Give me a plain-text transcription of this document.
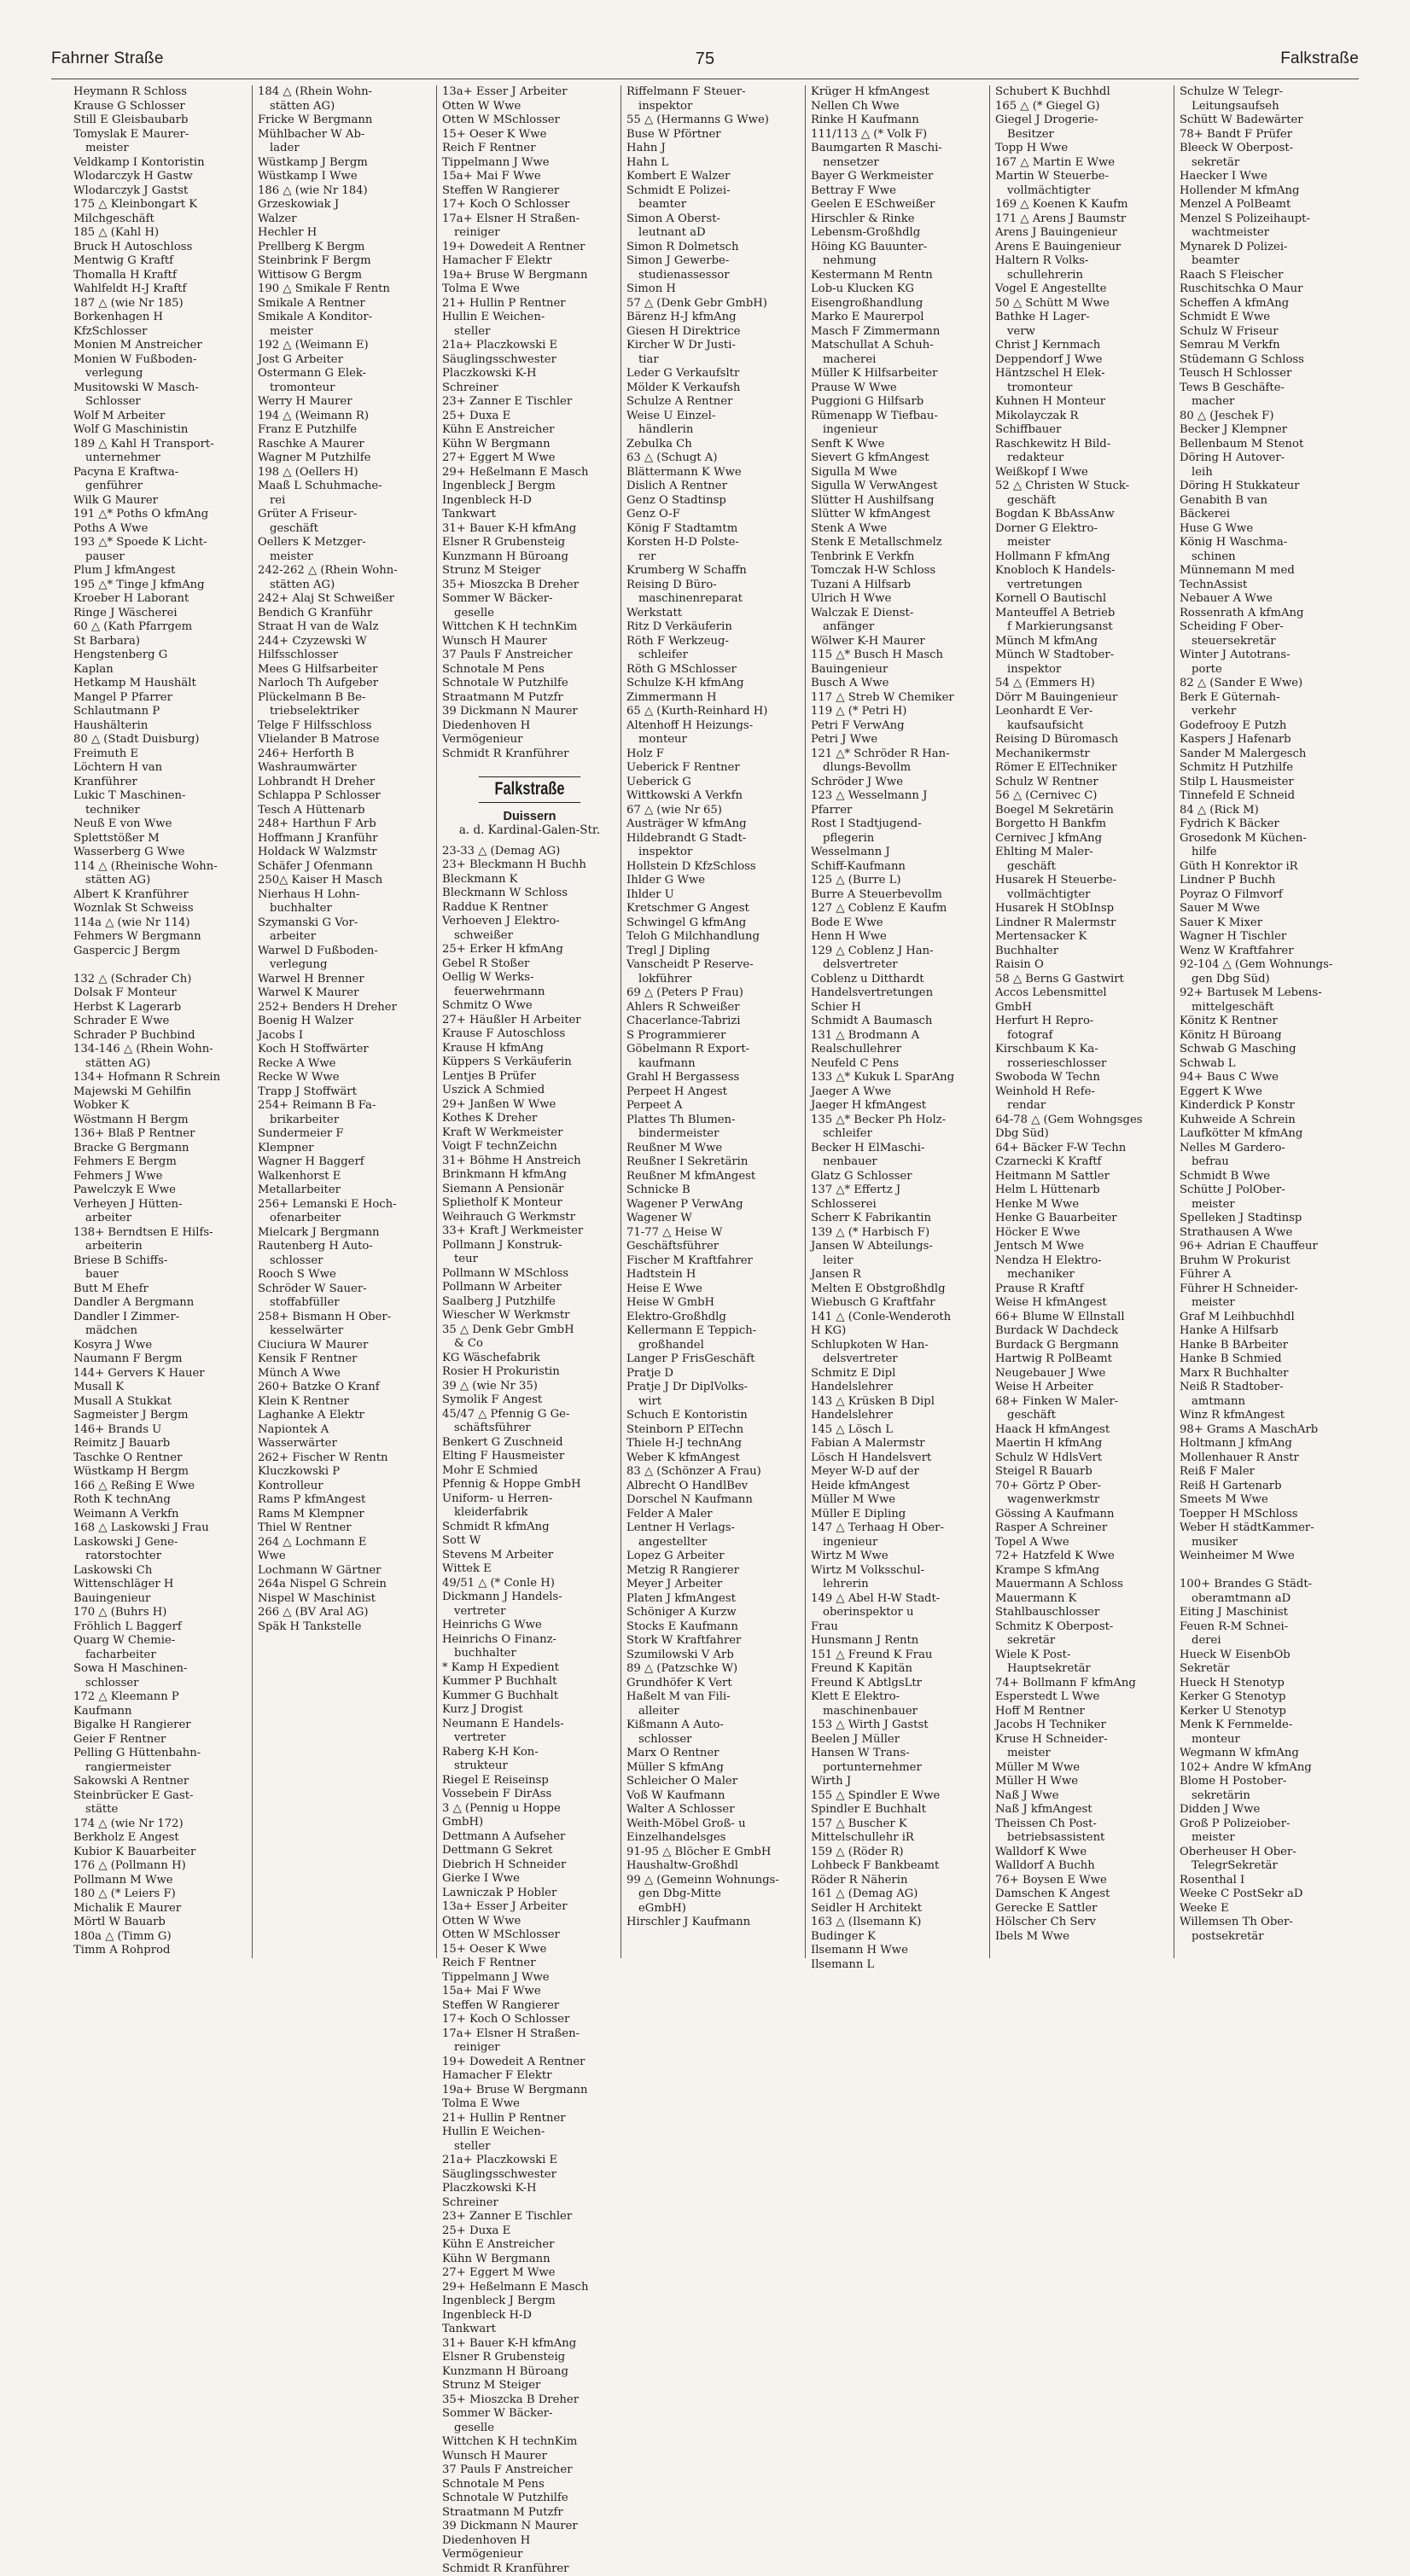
Fahrner Straße	75	Falkstraße
Heymann R Schloss
Krause G Schlosser
Still E Gleisbaubarb
Tomyslak E Maurer-
meister
Veldkamp I Kontoristin
Wlodarczyk H Gastw
Wlodarczyk J Gastst
175 △ Kleinbongart K
Milchgeschäft
185 △ (Kahl H)
Bruck H Autoschloss
Mentwig G Kraftf
Thomalla H Kraftf
Wahlfeldt H-J Kraftf
187 △ (wie Nr 185)
Borkenhagen H
KfzSchlosser
Monien M Anstreicher
Monien W Fußboden-
verlegung
Musitowski W Masch-
Schlosser
Wolf M Arbeiter
Wolf G Maschinistin
189 △ Kahl H Transport-
unternehmer
Pacyna E Kraftwa-
genführer
Wilk G Maurer
191 △* Poths O kfmAng
Poths A Wwe
193 △* Spoede K Licht-
pauser
Plum J kfmAngest
195 △* Tinge J kfmAng
Kroeber H Laborant
Ringe J Wäscherei
60 △ (Kath Pfarrgem
St Barbara)
Hengstenberg G
Kaplan
Hetkamp M Haushält
Mangel P Pfarrer
Schlautmann P
Haushälterin
80 △ (Stadt Duisburg)
Freimuth E
Löchtern H van
Kranführer
Lukic T Maschinen-
techniker
Neuß E von Wwe
Splettstößer M
Wasserberg G Wwe
114 △ (Rheinische Wohn-
stätten AG)
Albert K Kranführer
Woznlak St Schweiss
114a △ (wie Nr 114)
Fehmers W Bergmann
Gaspercic J Bergm

132 △ (Schrader Ch)
Dolsak F Monteur
Herbst K Lagerarb
Schrader E Wwe
Schrader P Buchbind
134-146 △ (Rhein Wohn-
stätten AG)
134+ Hofmann R Schrein
Majewski M Gehilfin
Wobker K
Wöstmann H Bergm
136+ Blaß P Rentner
Bracke G Bergmann
Fehmers E Bergm
Fehmers J Wwe
Pawelczyk E Wwe
Verheyen J Hütten-
arbeiter
138+ Berndtsen E Hilfs-
arbeiterin
Briese B Schiffs-
bauer
Butt M Ehefr
Dandler A Bergmann
Dandler I Zimmer-
mädchen
Kosyra J Wwe
Naumann F Bergm
144+ Gervers K Hauer
Musall K
Musall A Stukkat
Sagmeister J Bergm
146+ Brands U
Reimitz J Bauarb
Taschke O Rentner
Wüstkamp H Bergm
166 △ Reßing E Wwe
Roth K technAng
Weimann A Verkfn
168 △ Laskowski J Frau
Laskowski J Gene-
ratorstochter
Laskowski Ch
Wittenschläger H
Bauingenieur
170 △ (Buhrs H)
Fröhlich L Baggerf
Quarg W Chemie-
facharbeiter
Sowa H Maschinen-
schlosser
172 △ Kleemann P
Kaufmann
Bigalke H Rangierer
Geier F Rentner
Pelling G Hüttenbahn-
rangiermeister
Sakowski A Rentner
Steinbrücker E Gast-
stätte
174 △ (wie Nr 172)
Berkholz E Angest
Kubior K Bauarbeiter
176 △ (Pollmann H)
Pollmann M Wwe
180 △ (* Leiers F)
Michalik E Maurer
Mörtl W Bauarb
180a △ (Timm G)
Timm A Rohprod
184 △ (Rhein Wohn-
stätten AG)
Fricke W Bergmann
Mühlbacher W Ab-
lader
Wüstkamp J Bergm
Wüstkamp I Wwe
186 △ (wie Nr 184)
Grzeskowiak J
Walzer
Hechler H
Prellberg K Bergm
Steinbrink F Bergm
Wittisow G Bergm
190 △ Smikale F Rentn
Smikale A Rentner
Smikale A Konditor-
meister
192 △ (Weimann E)
Jost G Arbeiter
Ostermann G Elek-
tromonteur
Werry H Maurer
194 △ (Weimann R)
Franz E Putzhilfe
Raschke A Maurer
Wagner M Putzhilfe
198 △ (Oellers H)
Maaß L Schuhmache-
rei
Grüter A Friseur-
geschäft
Oellers K Metzger-
meister
242-262 △ (Rhein Wohn-
stätten AG)
242+ Alaj St Schweißer
Bendich G Kranführ
Straat H van de Walz
244+ Czyzewski W
Hilfsschlosser
Mees G Hilfsarbeiter
Narloch Th Aufgeber
Plückelmann B Be-
triebselektriker
Telge F Hilfsschloss
Vlielander B Matrose
246+ Herforth B
Washraumwärter
Lohbrandt H Dreher
Schlappa P Schlosser
Tesch A Hüttenarb
248+ Harthun F Arb
Hoffmann J Kranführ
Holdack W Walzmstr
Schäfer J Ofenmann
250△ Kaiser H Masch
Nierhaus H Lohn-
buchhalter
Szymanski G Vor-
arbeiter
Warwel D Fußboden-
verlegung
Warwel H Brenner
Warwel K Maurer
252+ Benders H Dreher
Boenig H Walzer
Jacobs I
Koch H Stoffwärter
Recke A Wwe
Recke W Wwe
Trapp J Stoffwärt
254+ Reimann B Fa-
brikarbeiter
Sundermeier F
Klempner
Wagner H Baggerf
Walkenhorst E
Metallarbeiter
256+ Lemanski E Hoch-
ofenarbeiter
Mielcark J Bergmann
Rautenberg H Auto-
schlosser
Rooch S Wwe
Schröder W Sauer-
stoffabfüller
258+ Bismann H Ober-
kesselwärter
Ciuciura W Maurer
Kensik F Rentner
Münch A Wwe
260+ Batzke O Kranf
Klein K Rentner
Laghanke A Elektr
Napiontek A
Wasserwärter
262+ Fischer W Rentn
Kluczkowski P
Kontrolleur
Rams P kfmAngest
Rams M Klempner
Thiel W Rentner
264 △ Lochmann E
Wwe
Lochmann W Gärtner
264a Nispel G Schrein
Nispel W Maschinist
266 △ (BV Aral AG)
Späk H Tankstelle
13a+ Esser J Arbeiter
Otten W Wwe
Otten W MSchlosser
15+ Oeser K Wwe
Reich F Rentner
Tippelmann J Wwe
15a+ Mai F Wwe
Steffen W Rangierer
17+ Koch O Schlosser
17a+ Elsner H Straßen-
reiniger
19+ Dowedeit A Rentner
Hamacher F Elektr
19a+ Bruse W Bergmann
Tolma E Wwe
21+ Hullin P Rentner
Hullin E Weichen-
steller
21a+ Placzkowski E
Säuglingsschwester
Placzkowski K-H
Schreiner
23+ Zanner E Tischler
25+ Duxa E
Kühn E Anstreicher
Kühn W Bergmann
27+ Eggert M Wwe
29+ Heßelmann E Masch
Ingenbleck J Bergm
Ingenbleck H-D
Tankwart
31+ Bauer K-H kfmAng
Elsner R Grubensteig
Kunzmann H Büroang
Strunz M Steiger
35+ Mioszcka B Dreher
Sommer W Bäcker-
geselle
Wittchen K H technKim
Wunsch H Maurer
37 Pauls F Anstreicher
Schnotale M Pens
Schnotale W Putzhilfe
Straatmann M Putzfr
39 Dickmann N Maurer
Diedenhoven H
Vermögenieur
Schmidt R Kranführer
Falkstraße
Duissern
a. d. Kardinal-Galen-Str.
23-33 △ (Demag AG)
23+ Bleckmann H Buchh
Bleckmann K
Bleckmann W Schloss
Raddue K Rentner
Verhoeven J Elektro-
schweißer
25+ Erker H kfmAng
Gebel R Stoßer
Oellig W Werks-
feuerwehrmann
Schmitz O Wwe
27+ Häußler H Arbeiter
Krause F Autoschloss
Krause H kfmAng
Küppers S Verkäuferin
Lentjes B Prüfer
Uszick A Schmied
29+ Janßen W Wwe
Kothes K Dreher
Kraft W Werkmeister
Voigt F technZeichn
31+ Böhme H Anstreich
Brinkmann H kfmAng
Siemann A Pensionär
Splietholf K Monteur
Weihrauch G Werkmstr
33+ Kraft J Werkmeister
Pollmann J Konstruk-
teur
Pollmann W MSchloss
Pollmann W Arbeiter
Saalberg J Putzhilfe
Wiescher W Werkmstr
35 △ Denk Gebr GmbH
& Co
KG Wäschefabrik
Rosier H Prokuristin
39 △ (wie Nr 35)
Symolik F Angest
45/47 △ Pfennig G Ge-
schäftsführer
Benkert G Zuschneid
Elting F Hausmeister
Mohr E Schmied
Pfennig & Hoppe GmbH
Uniform- u Herren-
kleiderfabrik
Schmidt R kfmAng
Sott W
Stevens M Arbeiter
Wittek E
49/51 △ (* Conle H)
Dickmann J Handels-
vertreter
Heinrichs G Wwe
Heinrichs O Finanz-
buchhalter
* Kamp H Expedient
Kummer P Buchhalt
Kummer G Buchhalt
Kurz J Drogist
Neumann E Handels-
vertreter
Raberg K-H Kon-
strukteur
Riegel E Reiseinsp
Vossebein F DirAss
3 △ (Pennig u Hoppe
GmbH)
Dettmann A Aufseher
Dettmann G Sekret
Diebrich H Schneider
Gierke I Wwe
Lawniczak P Hobler
13a+ Esser J Arbeiter
Otten W Wwe
Otten W MSchlosser
15+ Oeser K Wwe
Reich F Rentner
Tippelmann J Wwe
15a+ Mai F Wwe
Steffen W Rangierer
17+ Koch O Schlosser
17a+ Elsner H Straßen-
reiniger
19+ Dowedeit A Rentner
Hamacher F Elektr
19a+ Bruse W Bergmann
Tolma E Wwe
21+ Hullin P Rentner
Hullin E Weichen-
steller
21a+ Placzkowski E
Säuglingsschwester
Placzkowski K-H
Schreiner
23+ Zanner E Tischler
25+ Duxa E
Kühn E Anstreicher
Kühn W Bergmann
27+ Eggert M Wwe
29+ Heßelmann E Masch
Ingenbleck J Bergm
Ingenbleck H-D
Tankwart
31+ Bauer K-H kfmAng
Elsner R Grubensteig
Kunzmann H Büroang
Strunz M Steiger
35+ Mioszcka B Dreher
Sommer W Bäcker-
geselle
Wittchen K H technKim
Wunsch H Maurer
37 Pauls F Anstreicher
Schnotale M Pens
Schnotale W Putzhilfe
Straatmann M Putzfr
39 Dickmann N Maurer
Diedenhoven H
Vermögenieur
Schmidt R Kranführer
Riffelmann F Steuer-
inspektor
55 △ (Hermanns G Wwe)
Buse W Pförtner
Hahn J
Hahn L
Kombert E Walzer
Schmidt E Polizei-
beamter
Simon A Oberst-
leutnant aD
Simon R Dolmetsch
Simon J Gewerbe-
studienassessor
Simon H
57 △ (Denk Gebr GmbH)
Bärenz H-J kfmAng
Giesen H Direktrice
Kircher W Dr Justi-
tiar
Leder G Verkaufsltr
Mölder K Verkaufsh
Schulze A Rentner
Weise U Einzel-
händlerin
Zebulka Ch
63 △ (Schugt A)
Blättermann K Wwe
Dislich A Rentner
Genz O Stadtinsp
Genz O-F
König F Stadtamtm
Korsten H-D Polste-
rer
Krumberg W Schaffn
Reising D Büro-
maschinenreparat
Werkstatt
Ritz D Verkäuferin
Röth F Werkzeug-
schleifer
Röth G MSchlosser
Schulze K-H kfmAng
Zimmermann H
65 △ (Kurth-Reinhard H)
Altenhoff H Heizungs-
monteur
Holz F
Ueberick F Rentner
Ueberick G
Wittkowski A Verkfn
67 △ (wie Nr 65)
Austräger W kfmAng
Hildebrandt G Stadt-
inspektor
Hollstein D KfzSchloss
Ihlder G Wwe
Ihlder U
Kretschmer G Angest
Schwingel G kfmAng
Teloh G Milchhandlung
Tregl J Dipling
Vanscheidt P Reserve-
lokführer
69 △ (Peters P Frau)
Ahlers R Schweißer
Chacerlance-Tabrizi
S Programmierer
Göbelmann R Export-
kaufmann
Grahl H Bergassess
Perpeet H Angest
Perpeet A
Plattes Th Blumen-
bindermeister
Reußner M Wwe
Reußner I Sekretärin
Reußner M kfmAngest
Schnicke B
Wagener P VerwAng
Wagener W
71-77 △ Heise W
Geschäftsführer
Fischer M Kraftfahrer
Hadtstein H
Heise E Wwe
Heise W GmbH
Elektro-Großhdlg
Kellermann E Teppich-
großhandel
Langer P FrisGeschäft
Pratje D
Pratje J Dr DiplVolks-
wirt
Schuch E Kontoristin
Steinborn P ElTechn
Thiele H-J technAng
Weber K kfmAngest
83 △ (Schönzer A Frau)
Albrecht O HandlBev
Dorschel N Kaufmann
Felder A Maler
Lentner H Verlags-
angestellter
Lopez G Arbeiter
Metzig R Rangierer
Meyer J Arbeiter
Platen J kfmAngest
Schöniger A Kurzw
Stocks E Kaufmann
Stork W Kraftfahrer
Szumilowski V Arb
89 △ (Patzschke W)
Grundhöfer K Vert
Haßelt M van Fili-
alleiter
Kißmann A Auto-
schlosser
Marx O Rentner
Müller S kfmAng
Schleicher O Maler
Voß W Kaufmann
Walter A Schlosser
Weith-Möbel Groß- u
Einzelhandelsges
91-95 △ Blöcher E GmbH
Haushaltw-Großhdl
99 △ (Gemeinn Wohnungs-
gen Dbg-Mitte
eGmbH)
Hirschler J Kaufmann
Krüger H kfmAngest
Nellen Ch Wwe
Rinke H Kaufmann
111/113 △ (* Volk F)
Baumgarten R Maschi-
nensetzer
Bayer G Werkmeister
Bettray F Wwe
Geelen E ESchweißer
Hirschler & Rinke
Lebensm-Großhdlg
Höing KG Bauunter-
nehmung
Kestermann M Rentn
Lob-u Klucken KG
Eisengroßhandlung
Marko E Maurerpol
Masch F Zimmermann
Matschullat A Schuh-
macherei
Müller K Hilfsarbeiter
Prause W Wwe
Puggioni G Hilfsarb
Rümenapp W Tiefbau-
ingenieur
Senft K Wwe
Sievert G kfmAngest
Sigulla M Wwe
Sigulla W VerwAngest
Slütter H Aushilfsang
Slütter W kfmAngest
Stenk A Wwe
Stenk E Metallschmelz
Tenbrink E Verkfn
Tomczak H-W Schloss
Tuzani A Hilfsarb
Ulrich H Wwe
Walczak E Dienst-
anfänger
Wölwer K-H Maurer
115 △* Busch H Masch
Bauingenieur
Busch A Wwe
117 △ Streb W Chemiker
119 △ (* Petri H)
Petri F VerwAng
Petri J Wwe
121 △* Schröder R Han-
dlungs-Bevollm
Schröder J Wwe
123 △ Wesselmann J
Pfarrer
Rost I Stadtjugend-
pflegerin
Wesselmann J
Schiff-Kaufmann
125 △ (Burre L)
Burre A Steuerbevollm
127 △ Coblenz E Kaufm
Bode E Wwe
Henn H Wwe
129 △ Coblenz J Han-
delsvertreter
Coblenz u Ditthardt
Handelsvertretungen
Schier H
Schmidt A Baumasch
131 △ Brodmann A
Realschullehrer
Neufeld C Pens
133 △* Kukuk L SparAng
Jaeger A Wwe
Jaeger H kfmAngest
135 △* Becker Ph Holz-
schleifer
Becker H ElMaschi-
nenbauer
Glatz G Schlosser
137 △* Effertz J
Schlosserei
Scherr K Fabrikantin
139 △ (* Harbisch F)
Jansen W Abteilungs-
leiter
Jansen R
Melten E Obstgroßhdlg
Wiebusch G Kraftfahr
141 △ (Conle-Wenderoth
H KG)
Schlupkoten W Han-
delsvertreter
Schmitz E Dipl
Handelslehrer
143 △ Krüsken B Dipl
Handelslehrer
145 △ Lösch L
Fabian A Malermstr
Lösch H Handelsvert
Meyer W-D auf der
Heide kfmAngest
Müller M Wwe
Müller E Dipling
147 △ Terhaag H Ober-
ingenieur
Wirtz M Wwe
Wirtz M Volksschul-
lehrerin
149 △ Abel H-W Stadt-
oberinspektor u
Frau
Hunsmann J Rentn
151 △ Freund K Frau
Freund K Kapitän
Freund K AbtlgsLtr
Klett E Elektro-
maschinenbauer
153 △ Wirth J Gastst
Beelen J Müller
Hansen W Trans-
portunternehmer
Wirth J
155 △ Spindler E Wwe
Spindler E Buchhalt
157 △ Buscher K
Mittelschullehr iR
159 △ (Röder R)
Lohbeck F Bankbeamt
Röder R Näherin
161 △ (Demag AG)
Seidler H Architekt
163 △ (Ilsemann K)
Budinger K
Ilsemann H Wwe
Ilsemann L
Schubert K Buchhdl
165 △ (* Giegel G)
Giegel J Drogerie-
Besitzer
Topp H Wwe
167 △ Martin E Wwe
Martin W Steuerbe-
vollmächtigter
169 △ Koenen K Kaufm
171 △ Arens J Baumstr
Arens J Bauingenieur
Arens E Bauingenieur
Haltern R Volks-
schullehrerin
Vogel E Angestellte
50 △ Schütt M Wwe
Bathke H Lager-
verw
Christ J Kernmach
Deppendorf J Wwe
Häntzschel H Elek-
tromonteur
Kuhnen H Monteur
Mikolayczak R
Schiffbauer
Raschkewitz H Bild-
redakteur
Weißkopf I Wwe
52 △ Christen W Stuck-
geschäft
Bogdan K BbAssAnw
Dorner G Elektro-
meister
Hollmann F kfmAng
Knobloch K Handels-
vertretungen
Kornell O Bautischl
Manteuffel A Betrieb
f Markierungsanst
Münch M kfmAng
Münch W Stadtober-
inspektor
54 △ (Emmers H)
Dörr M Bauingenieur
Leonhardt E Ver-
kaufsaufsicht
Reising D Büromasch
Mechanikermstr
Römer E ElTechniker
Schulz W Rentner
56 △ (Cernivec C)
Boegel M Sekretärin
Borgetto H Bankfm
Cernivec J kfmAng
Ehlting M Maler-
geschäft
Husarek H Steuerbe-
vollmächtigter
Husarek H StObInsp
Lindner R Malermstr
Mertensacker K
Buchhalter
Raisin O
58 △ Berns G Gastwirt
Accos Lebensmittel
GmbH
Herfurt H Repro-
fotograf
Kirschbaum K Ka-
rosseriesсhlosser
Swoboda W Techn
Weinhold H Refe-
rendar
64-78 △ (Gem Wohngsges
Dbg Süd)
64+ Bäcker F-W Techn
Czarnecki K Kraftf
Heitmann M Sattler
Helm L Hüttenarb
Henke M Wwe
Henke G Bauarbeiter
Höcker E Wwe
Jentsch M Wwe
Nendza H Elektro-
mechaniker
Prause R Kraftf
Weise H kfmAngest
66+ Blume W Ellnstall
Burdack W Dachdeck
Burdack G Bergmann
Hartwig R PolBeamt
Neugebauer J Wwe
Weise H Arbeiter
68+ Finken W Maler-
geschäft
Haack H kfmAngest
Maertin H kfmAng
Schulz W HdlsVert
Steigel R Bauarb
70+ Görtz P Ober-
wagenwerkmstr
Gössing A Kaufmann
Rasper A Schreiner
Topel A Wwe
72+ Hatzfeld K Wwe
Krampe S kfmAng
Mauermann A Schloss
Mauermann K
Stahlbauschlosser
Schmitz K Oberpost-
sekretär
Wiele K Post-
Hauptsekretär
74+ Bollmann F kfmAng
Esperstedt L Wwe
Hoff M Rentner
Jacobs H Techniker
Kruse H Schneider-
meister
Müller M Wwe
Müller H Wwe
Naß J Wwe
Naß J kfmAngest
Theissen Ch Post-
betriebsassistent
Walldorf K Wwe
Walldorf A Buchh
76+ Boysen E Wwe
Damschen K Angest
Gerecke E Sattler
Hölscher Ch Serv
Ibels M Wwe
Schulze W Telegr-
Leitungsaufseh
Schütt W Badewärter
78+ Bandt F Prüfer
Bleeck W Oberpost-
sekretär
Haecker I Wwe
Hollender M kfmAng
Menzel A PolBeamt
Menzel S Polizeihaupt-
wachtmeister
Mynarek D Polizei-
beamter
Raach S Fleischer
Ruschitschka O Maur
Scheffen A kfmAng
Schmidt E Wwe
Schulz W Friseur
Semrau M Verkfn
Stüdemann G Schloss
Teusch H Schlosser
Tews B Geschäfte-
macher
80 △ (Jeschek F)
Becker J Klempner
Bellenbaum M Stenot
Döring H Autover-
leih
Döring H Stukkateur
Genabith B van
Bäckerei
Huse G Wwe
König H Waschma-
schinen
Münnemann M med
TechnAssist
Nebauer A Wwe
Rossenrath A kfmAng
Scheiding F Ober-
steuersekretär
Winter J Autotrans-
porte
82 △ (Sander E Wwe)
Berk E Güternah-
verkehr
Godefrooy E Putzh
Kaspers J Hafenarb
Sander M Malergesch
Schmitz H Putzhilfe
Stilp L Hausmeister
Tinnefeld E Schneid
84 △ (Rick M)
Fydrich K Bäcker
Grosedonk M Küchen-
hilfe
Güth H Konrektor iR
Lindner P Buchh
Poyraz O Filmvorf
Sauer M Wwe
Sauer K Mixer
Wagner H Tischler
Wenz W Kraftfahrer
92-104 △ (Gem Wohnungs-
gen Dbg Süd)
92+ Bartusek M Lebens-
mittelgeschäft
Könitz K Rentner
Könitz H Büroang
Schwab G Masching
Schwab L
94+ Baus C Wwe
Eggert K Wwe
Kinderdick P Konstr
Kuhweide A Schrein
Laufkötter M kfmAng
Nelles M Gardero-
befrau
Schmidt B Wwe
Schütte J PolOber-
meister
Spelleken J Stadtinsp
Strathausen A Wwe
96+ Adrian E Chauffeur
Bruhm W Prokurist
Führer A
Führer H Schneider-
meister
Graf M Leihbuchhdl
Hanke A Hilfsarb
Hanke B BArbeiter
Hanke B Schmied
Marx R Buchhalter
Neiß R Stadtober-
amtmann
Winz R kfmAngest
98+ Grams A MaschArb
Holtmann J kfmAng
Mollenhauer R Anstr
Reiß F Maler
Reiß H Gartenarb
Smeets M Wwe
Toepper H MSchloss
Weber H städtKammer-
musiker
Weinheimer M Wwe

100+ Brandes G Städt-
oberamtmann aD
Eiting J Maschinist
Feuen R-M Schnei-
derei
Hueck W EisenbOb
Sekretär
Hueck H Stenotyp
Kerker G Stenotyp
Kerker U Stenotyp
Menk K Fernmelde-
monteur
Wegmann W kfmAng
102+ Andre W kfmAng
Blome H Postober-
sekretärin
Didden J Wwe
Groß P Polizeiober-
meister
Oberheuser H Ober-
TelegrSekretär
Rosenthal I
Weeke C PostSekr aD
Weeke E
Willemsen Th Ober-
postsekretär
